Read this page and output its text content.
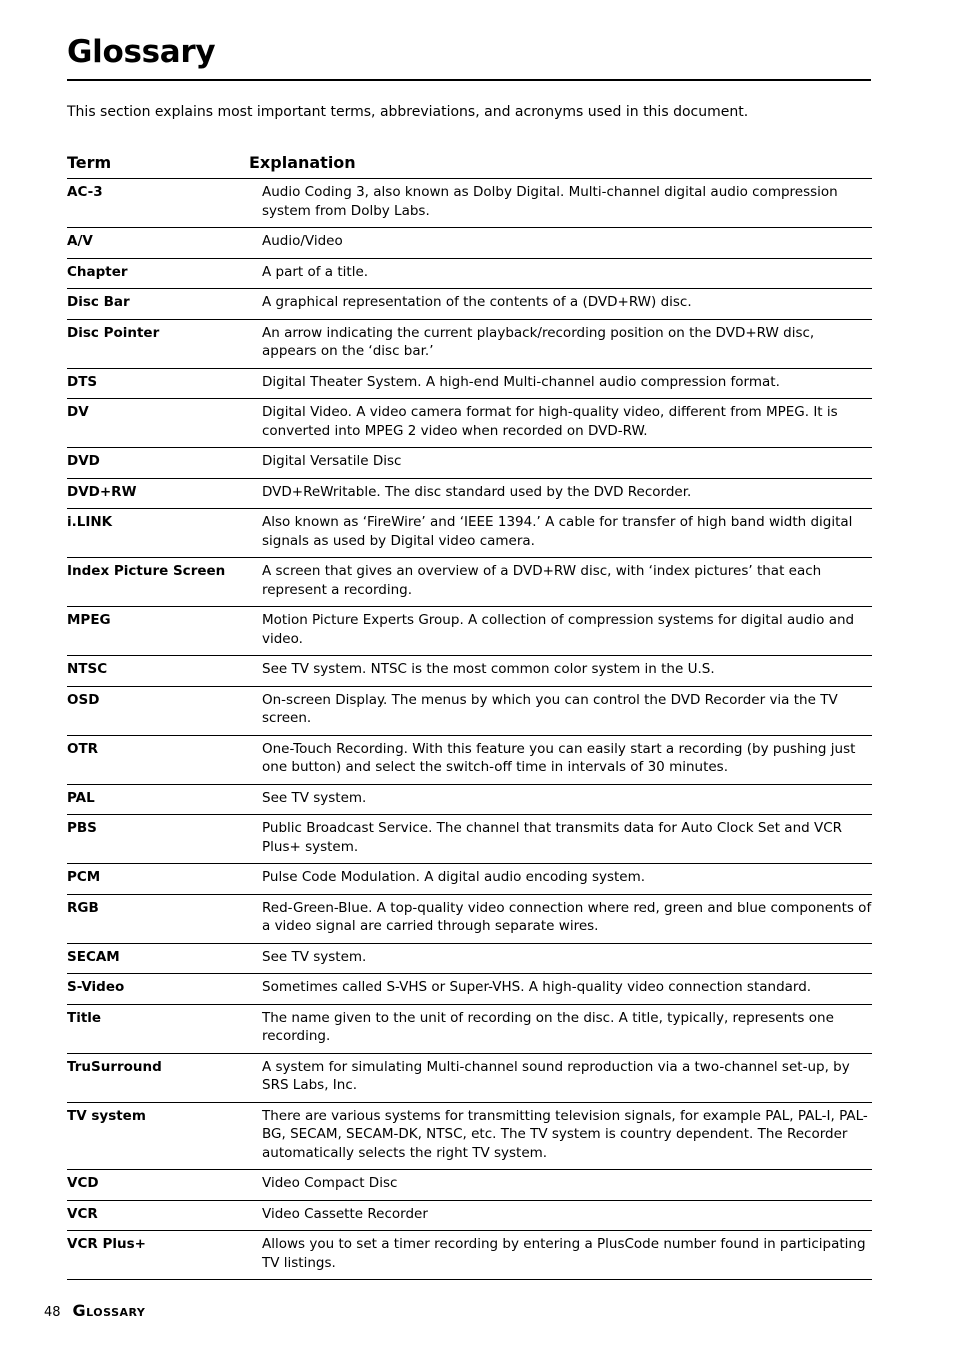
Glossary

This section explains most important terms, abbreviations, and acronyms used in this document.

Term	Explanation
AC-3	Audio Coding 3, also known as Dolby Digital. Multi-channel digital audio compression system from Dolby Labs.
A/V	Audio/Video
Chapter	A part of a title.
Disc Bar	A graphical representation of the contents of a (DVD+RW) disc.
Disc Pointer	An arrow indicating the current playback/recording position on the DVD+RW disc, appears on the ‘disc bar.’
DTS	Digital Theater System. A high-end Multi-channel audio compression format.
DV	Digital Video. A video camera format for high-quality video, different from MPEG. It is converted into MPEG 2 video when recorded on DVD-RW.
DVD	Digital Versatile Disc
DVD+RW	DVD+ReWritable. The disc standard used by the DVD Recorder.
i.LINK	Also known as ‘FireWire’ and ‘IEEE 1394.’ A cable for transfer of high band width digital signals as used by Digital video camera.
Index Picture Screen	A screen that gives an overview of a DVD+RW disc, with ‘index pictures’ that each represent a recording.
MPEG	Motion Picture Experts Group. A collection of compression systems for digital audio and video.
NTSC	See TV system. NTSC is the most common color system in the U.S.
OSD	On-screen Display. The menus by which you can control the DVD Recorder via the TV screen.
OTR	One-Touch Recording. With this feature you can easily start a recording (by pushing just one button) and select the switch-off time in intervals of 30 minutes.
PAL	See TV system.
PBS	Public Broadcast Service. The channel that transmits data for Auto Clock Set and VCR Plus+ system.
PCM	Pulse Code Modulation. A digital audio encoding system.
RGB	Red-Green-Blue. A top-quality video connection where red, green and blue components of a video signal are carried through separate wires.
SECAM	See TV system.
S-Video	Sometimes called S-VHS or Super-VHS. A high-quality video connection standard.
Title	The name given to the unit of recording on the disc. A title, typically, represents one recording.
TruSurround	A system for simulating Multi-channel sound reproduction via a two-channel set-up, by SRS Labs, Inc.
TV system	There are various systems for transmitting television signals, for example PAL, PAL-I, PAL-BG, SECAM, SECAM-DK, NTSC, etc. The TV system is country dependent. The Recorder automatically selects the right TV system.
VCD	Video Compact Disc
VCR	Video Cassette Recorder
VCR Plus+	Allows you to set a timer recording by entering a PlusCode number found in participating TV listings.
48 Glossary
